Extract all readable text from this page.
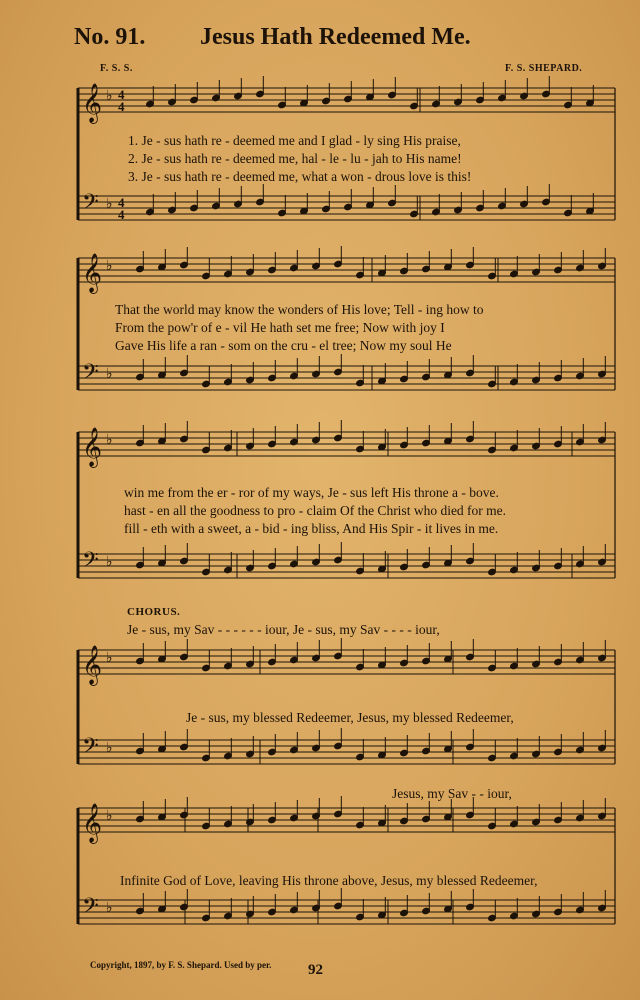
No. 91. Jesus Hath Redeemed Me.
F. S. S.	F. S. SHEPARD.
𝄞 ♭
𝄢 ♭
𝄞 ♭
𝄢 ♭
𝄞 ♭
𝄢 ♭
𝄞 ♭
𝄢 ♭
𝄞 ♭
𝄢 ♭
4
4
4
4
1. Je - sus hath re - deemed me and I glad - ly sing His praise,
2. Je - sus hath re - deemed me, hal - le - lu - jah to His name!
3. Je - sus hath re - deemed me, what a won - drous love is this!
That the world may know the wonders of His love; Tell - ing how to
From the pow'r of e - vil He hath set me free; Now with joy I
Gave His life a ran - som on the cru - el tree; Now my soul He
win me from the er - ror of my ways, Je - sus left His throne a - bove.
hast - en all the goodness to pro - claim Of the Christ who died for me.
fill - eth with a sweet, a - bid - ing bliss, And His Spir - it lives in me.
CHORUS.
Je - sus, my Sav - - - - - - iour, Je - sus, my Sav - - - - iour,
Je - sus, my blessed Redeemer, Jesus, my blessed Redeemer,
Jesus, my Sav - - iour,
Infinite God of Love, leaving His throne above, Jesus, my blessed Redeemer,
Copyright, 1897, by F. S. Shepard. Used by per. 92
